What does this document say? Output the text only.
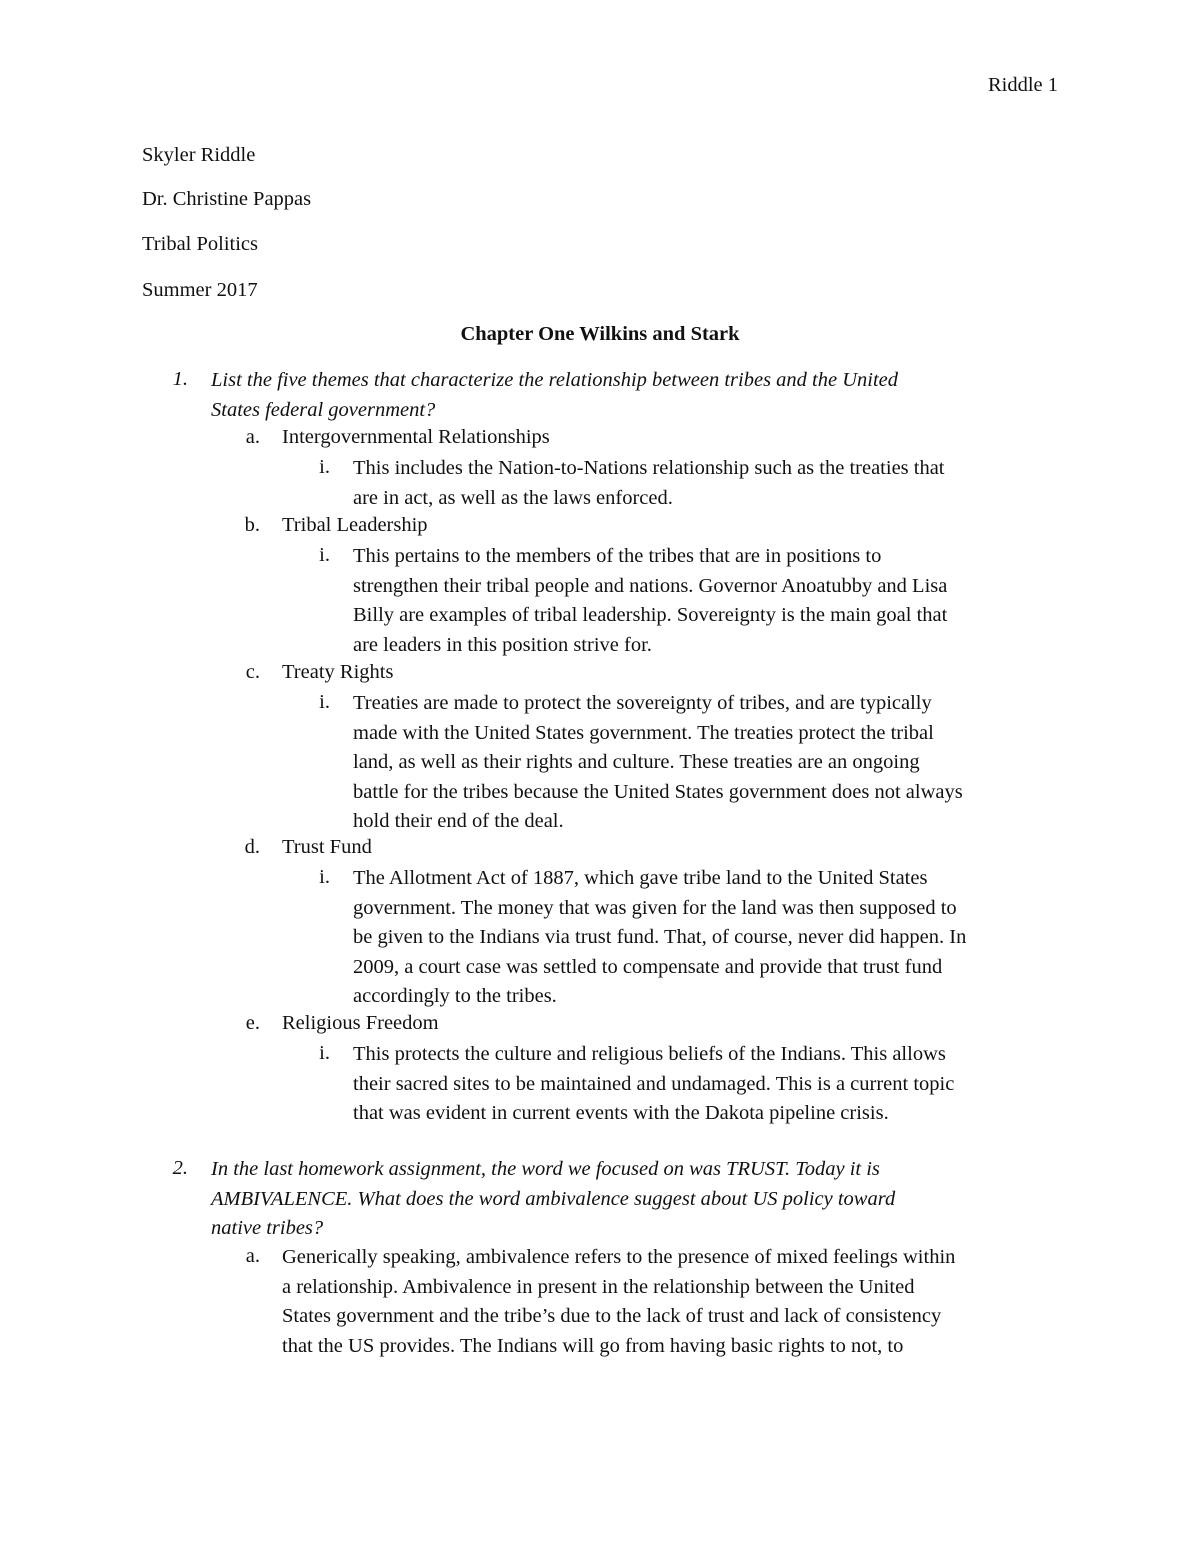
Riddle 1
Skyler Riddle
Dr. Christine Pappas
Tribal Politics
Summer 2017
Chapter One Wilkins and Stark
1. List the five themes that characterize the relationship between tribes and the United
States federal government?
a. Intergovernmental Relationships
i. This includes the Nation-to-Nations relationship such as the treaties that
are in act, as well as the laws enforced.
b. Tribal Leadership
i. This pertains to the members of the tribes that are in positions to
strengthen their tribal people and nations. Governor Anoatubby and Lisa
Billy are examples of tribal leadership. Sovereignty is the main goal that
are leaders in this position strive for.
c. Treaty Rights
i. Treaties are made to protect the sovereignty of tribes, and are typically
made with the United States government. The treaties protect the tribal
land, as well as their rights and culture. These treaties are an ongoing
battle for the tribes because the United States government does not always
hold their end of the deal.
d. Trust Fund
i. The Allotment Act of 1887, which gave tribe land to the United States
government. The money that was given for the land was then supposed to
be given to the Indians via trust fund. That, of course, never did happen. In
2009, a court case was settled to compensate and provide that trust fund
accordingly to the tribes.
e. Religious Freedom
i. This protects the culture and religious beliefs of the Indians. This allows
their sacred sites to be maintained and undamaged. This is a current topic
that was evident in current events with the Dakota pipeline crisis.
2. In the last homework assignment, the word we focused on was TRUST. Today it is
AMBIVALENCE. What does the word ambivalence suggest about US policy toward
native tribes?
a. Generically speaking, ambivalence refers to the presence of mixed feelings within
a relationship. Ambivalence in present in the relationship between the United
States government and the tribe’s due to the lack of trust and lack of consistency
that the US provides. The Indians will go from having basic rights to not, to
